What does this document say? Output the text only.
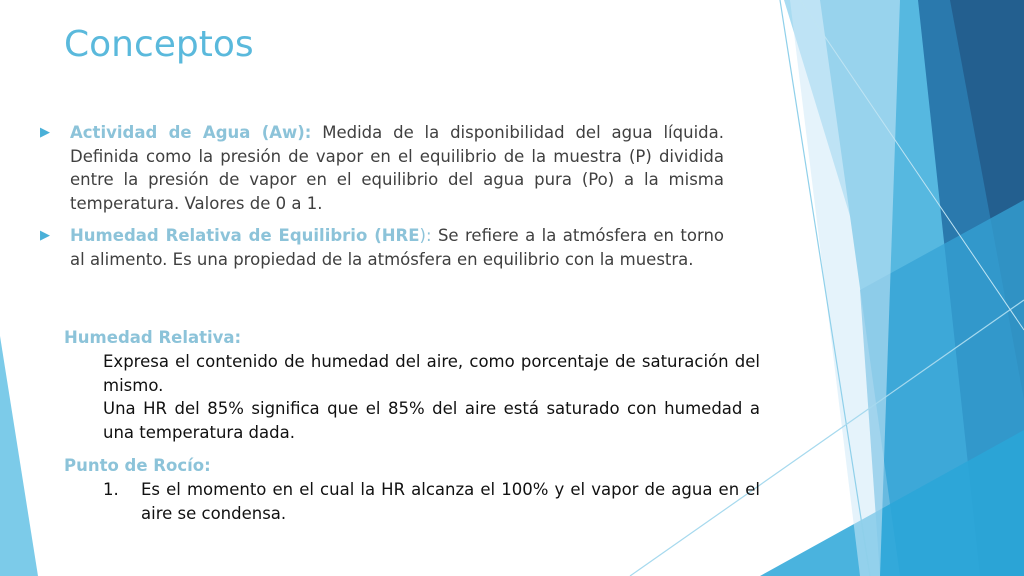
Conceptos
▶ Actividad de Agua (Aw): Medida de la disponibilidad del agua líquida. Definida como la presión de vapor en el equilibrio de la muestra (P) dividida entre la presión de vapor en el equilibrio del agua pura (Po) a la misma temperatura. Valores de 0 a 1.
▶ Humedad Relativa de Equilibrio (HRE): Se refiere a la atmósfera en torno al alimento. Es una propiedad de la atmósfera en equilibrio con la muestra.
Humedad Relativa:
Expresa el contenido de humedad del aire, como porcentaje de saturación del mismo.
Una HR del 85% significa que el 85% del aire está saturado con humedad a una temperatura dada.
Punto de Rocío:
1. Es el momento en el cual la HR alcanza el 100% y el vapor de agua en el aire se condensa.
